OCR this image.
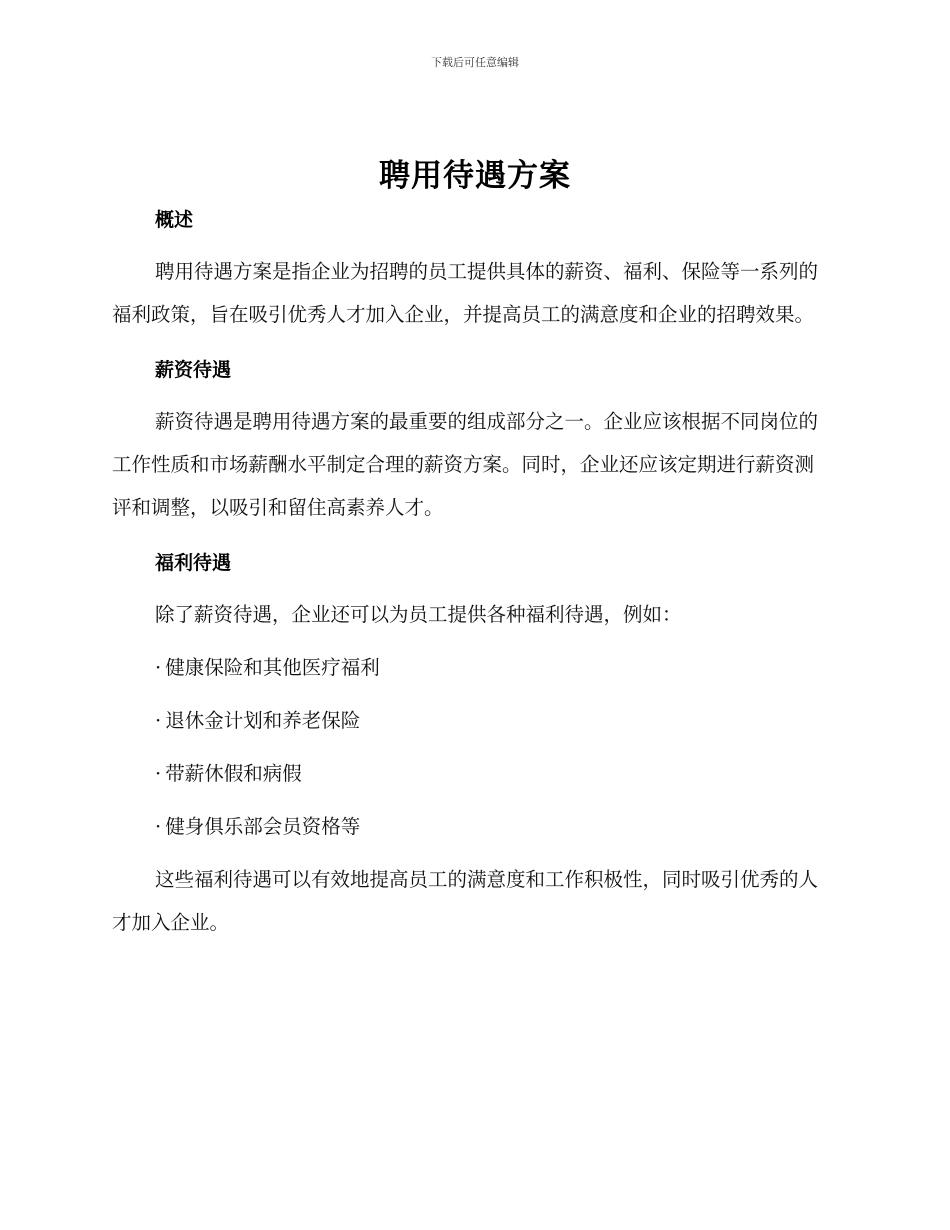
下载后可任意编辑
聘用待遇方案
概述

聘用待遇方案是指企业为招聘的员工提供具体的薪资、福利、保险等一系列的福利政策，旨在吸引优秀人才加入企业，并提高员工的满意度和企业的招聘效果。

薪资待遇

薪资待遇是聘用待遇方案的最重要的组成部分之一。企业应该根据不同岗位的工作性质和市场薪酬水平制定合理的薪资方案。同时，企业还应该定期进行薪资测评和调整，以吸引和留住高素养人才。

福利待遇

除了薪资待遇，企业还可以为员工提供各种福利待遇，例如：

· 健康保险和其他医疗福利

· 退休金计划和养老保险

· 带薪休假和病假

· 健身俱乐部会员资格等

这些福利待遇可以有效地提高员工的满意度和工作积极性，同时吸引优秀的人才加入企业。
